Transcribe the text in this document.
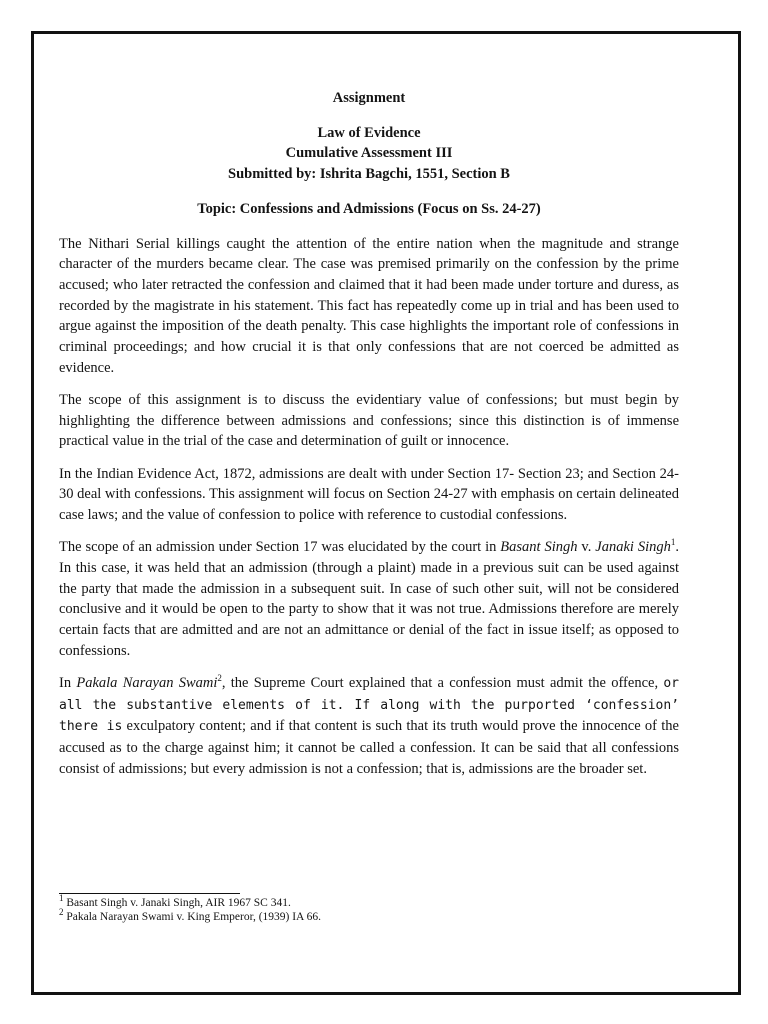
Assignment

Law of Evidence

Cumulative Assessment III

Submitted by: Ishrita Bagchi, 1551, Section B

Topic: Confessions and Admissions (Focus on Ss. 24-27)

The Nithari Serial killings caught the attention of the entire nation when the magnitude and strange character of the murders became clear. The case was premised primarily on the confession by the prime accused; who later retracted the confession and claimed that it had been made under torture and duress, as recorded by the magistrate in his statement. This fact has repeatedly come up in trial and has been used to argue against the imposition of the death penalty. This case highlights the important role of confessions in criminal proceedings; and how crucial it is that only confessions that are not coerced be admitted as evidence.

The scope of this assignment is to discuss the evidentiary value of confessions; but must begin by highlighting the difference between admissions and confessions; since this distinction is of immense practical value in the trial of the case and determination of guilt or innocence.

In the Indian Evidence Act, 1872, admissions are dealt with under Section 17- Section 23; and Section 24-30 deal with confessions. This assignment will focus on Section 24-27 with emphasis on certain delineated case laws; and the value of confession to police with reference to custodial confessions.

The scope of an admission under Section 17 was elucidated by the court in Basant Singh v. Janaki Singh$^1$. In this case, it was held that an admission (through a plaint) made in a previous suit can be used against the party that made the admission in a subsequent suit. In case of such other suit, will not be considered conclusive and it would be open to the party to show that it was not true. Admissions therefore are merely certain facts that are admitted and are not an admittance or denial of the fact in issue itself; as opposed to confessions.

In Pakala Narayan Swami$^2$, the Supreme Court explained that a confession must admit the offence, or all the substantive elements of it. If along with the purported ‘confession’ there is exculpatory content; and if that content is such that its truth would prove the innocence of the accused as to the charge against him; it cannot be called a confession. It can be said that all confessions consist of admissions; but every admission is not a confession; that is, admissions are the broader set.

$^1$ Basant Singh v. Janaki Singh, AIR 1967 SC 341.

$^2$ Pakala Narayan Swami v. King Emperor, (1939) IA 66.
